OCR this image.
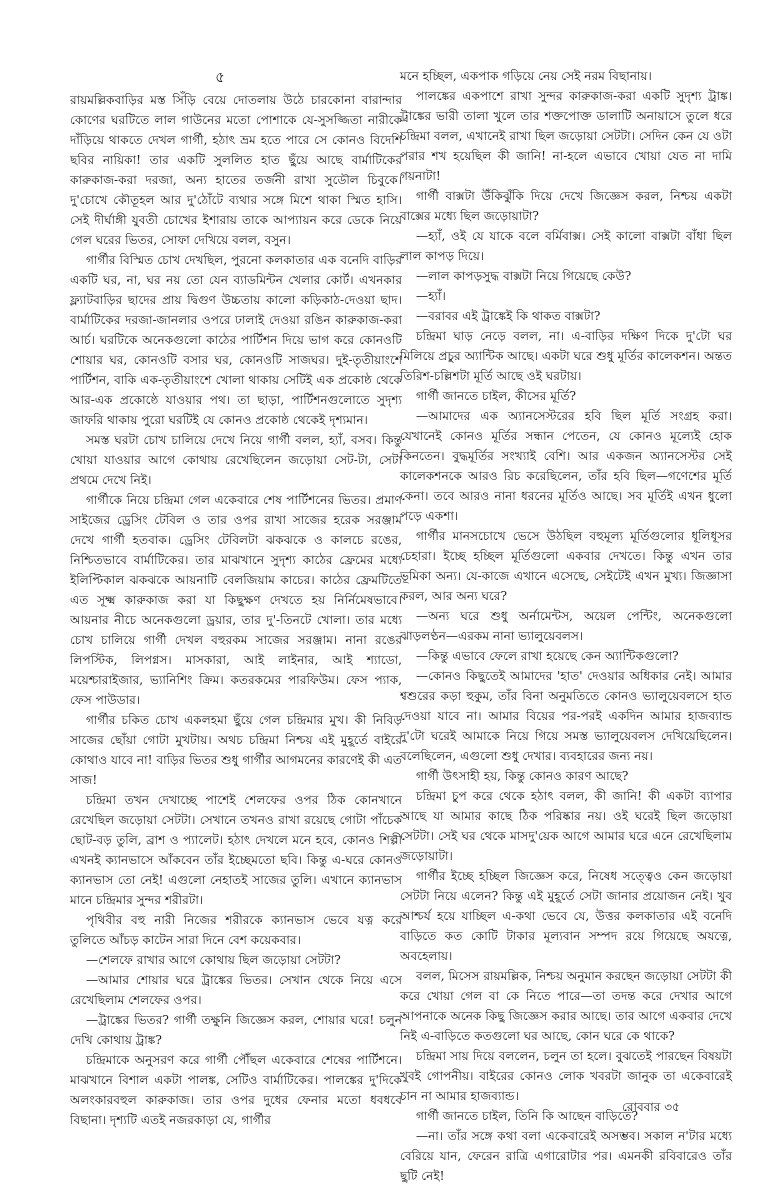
৫

রায়মল্লিকবাড়ির মস্ত সিঁড়ি বেয়ে দোতলায় উঠে চারকোনা বারান্দার কোণের ঘরটিতে লাল গাউনের মতো পোশাকে যে-সুসজ্জিতা নারীকে দাঁড়িয়ে থাকতে দেখল গার্গী, হঠাৎ ভ্রম হতে পারে সে কোনও বিদেশি ছবির নায়িকা! তার একটি সুললিত হাত ছুঁয়ে আছে বার্মাটিকের কারুকাজ-করা দরজা, অন্য হাতের তর্জনী রাখা সুডৌল চিবুকে। দু'চোখে কৌতূহল আর দু'ঠোঁটে ব্যথার সঙ্গে মিশে থাকা স্মিত হাসি। সেই দীর্ঘাঙ্গী যুবতী চোখের ইশারায় তাকে আপ্যায়ন করে ডেকে নিয়ে গেল ঘরের ভিতর, সোফা দেখিয়ে বলল, বসুন।

গার্গীর বিস্মিত চোখ দেখছিল, পুরনো কলকাতার এক বনেদি বাড়ির একটি ঘর, না, ঘর নয় তো যেন ব্যাডমিন্টন খেলার কোর্ট। এখনকার ফ্ল্যাটবাড়ির ছাদের প্রায় দ্বিগুণ উচ্চতায় কালো কড়িকাঠ-দেওয়া ছাদ। বার্মাটিকের দরজা-জানলার ওপরে ঢালাই দেওয়া রঙিন কারুকাজ-করা আর্চ। ঘরটিকে অনেকগুলো কাঠের পার্টিশন দিয়ে ভাগ করে কোনওটি শোয়ার ঘর, কোনওটি বসার ঘর, কোনওটি সাজঘর। দুই-তৃতীয়াংশে পার্টিশন, বাকি এক-তৃতীয়াংশে খোলা থাকায় সেটিই এক প্রকোষ্ঠ থেকে আর-এক প্রকোষ্ঠে যাওয়ার পথ। তা ছাড়া, পার্টিশনগুলোতে সুদৃশ্য জাফরি থাকায় পুরো ঘরটিই যে কোনও প্রকোষ্ঠ থেকেই দৃশ্যমান।

সমস্ত ঘরটা চোখ চালিয়ে দেখে নিয়ে গার্গী বলল, হ্যাঁ, বসব। কিন্তু খোয়া যাওয়ার আগে কোথায় রেখেছিলেন জড়োয়া সেট-টা, সেটা প্রথমে দেখে নিই।

গার্গীকে নিয়ে চন্দ্রিমা গেল একেবারে শেষ পার্টিশনের ভিতর। প্রমাণ সাইজের ড্রেসিং টেবিল ও তার ওপর রাখা সাজের হরেক সরঞ্জাম দেখে গার্গী হতবাক। ড্রেসিং টেবিলটা ঝকঝকে ও কালচে রঙের, নিশ্চিতভাবে বার্মাটিকের। তার মাঝখানে সুদৃশ্য কাঠের ফ্রেমের মধ্যে ইলিপ্টিকাল ঝকঝকে আয়নাটি বেলজিয়াম কাচের। কাঠের ফ্রেমটিতে এত সূক্ষ্ম কারুকাজ করা যা কিছুক্ষণ দেখতে হয় নির্নিমেষভাবে। আয়নার নীচে অনেকগুলো ড্রয়ার, তার দু'-তিনটে খোলা। তার মধ্যে চোখ চালিয়ে গার্গী দেখল বহুরকম সাজের সরঞ্জাম। নানা রঙের লিপস্টিক, লিপগ্নস। মাসকারা, আই লাইনার, আই শ্যাডো, ময়েশ্চারাইজার, ভ্যানিশিং ক্রিম। কতরকমের পারফিউম। ফেস প্যাক, ফেস পাউডার।

গার্গীর চকিত চোখ একলহমা ছুঁয়ে গেল চন্দ্রিমার মুখ। কী নিবিড় সাজের ছোঁয়া গোটা মুখটায়। অথচ চন্দ্রিমা নিশ্চয় এই মুহূর্তে বাইরে কোথাও যাবে না! বাড়ির ভিতর শুধু গার্গীর আগমনের কারণেই কী এত সাজ!

চন্দ্রিমা তখন দেখাচ্ছে পাশেই শেলফের ওপর ঠিক কোনখানে রেখেছিল জড়োয়া সেটটা। সেখানে তখনও রাখা রয়েছে গোটা পাঁচেক ছোট-বড় তুলি, ব্রাশ ও প্যালেট। হঠাৎ দেখলে মনে হবে, কোনও শিল্পী এখনই ক্যানভাসে আঁকবেন তাঁর ইচ্ছেমতো ছবি। কিন্তু এ-ঘরে কোনও ক্যানভাস তো নেই! এগুলো নেহাতই সাজের তুলি। এখানে ক্যানভাস মানে চন্দ্রিমার সুন্দর শরীরটা।

পৃথিবীর বহু নারী নিজের শরীরকে ক্যানভাস ভেবে যত্ন করে তুলিতে আঁচড় কাটেন সারা দিনে বেশ কয়েকবার।

—শেলফে রাখার আগে কোথায় ছিল জড়োয়া সেটটা?

—আমার শোয়ার ঘরে ট্রাঙ্কের ভিতর। সেখান থেকে নিয়ে এসে রেখেছিলাম শেলফের ওপর।

—ট্রাঙ্কের ভিতর? গার্গী তক্ষুনি জিজ্ঞেস করল, শোয়ার ঘরে! চলুন দেখি কোথায় ট্রাঙ্ক?

চন্দ্রিমাকে অনুসরণ করে গার্গী পৌঁছল একেবারে শেষের পার্টিশনে। মাঝখানে বিশাল একটা পালঙ্ক, সেটিও বার্মাটিকের। পালঙ্কের দু'দিকে অলংকারবহুল কারুকাজ। তার ওপর দুধের ফেনার মতো ধবধবে বিছানা। দৃশ্যটি এতই নজরকাড়া যে, গার্গীর

মনে হচ্ছিল, একপাক গড়িয়ে নেয় সেই নরম বিছানায়।

পালঙ্কের একপাশে রাখা সুন্দর কারুকাজ-করা একটি সুদৃশ্য ট্রাঙ্ক। ট্রাঙ্কের ভারী তালা খুলে তার শক্তপোক্ত ডালাটি অনায়াসে তুলে ধরে চন্দ্রিমা বলল, এখানেই রাখা ছিল জড়োয়া সেটটা। সেদিন কেন যে ওটা পরার শখ হয়েছিল কী জানি! না-হলে এভাবে খোয়া যেত না দামি গয়নাটা!

গার্গী বাক্সটা উঁকিঝুঁকি দিয়ে দেখে জিজ্ঞেস করল, নিশ্চয় একটা বাক্সের মধ্যে ছিল জড়োয়াটা?

—হ্যাঁ, ওই যে যাকে বলে বর্মিবাক্স। সেই কালো বাক্সটা বাঁধা ছিল লাল কাপড় দিয়ে।

—লাল কাপড়সুদ্ধ বাক্সটা নিয়ে গিয়েছে কেউ?

—হ্যাঁ।

—বরাবর এই ট্রাঙ্কেই কি থাকত বাক্সটা?

চন্দ্রিমা ঘাড় নেড়ে বলল, না। এ-বাড়ির দক্ষিণ দিকে দু'টো ঘর মিলিয়ে প্রচুর অ্যান্টিক আছে। একটা ঘরে শুধু মূর্তির কালেকশন। অন্তত তিরিশ-চল্লিশটা মূর্তি আছে ওই ঘরটায়।

গার্গী জানতে চাইল, কীসের মূর্তি?

—আমাদের এক অ্যানসেস্টরের হবি ছিল মূর্তি সংগ্রহ করা। যেখানেই কোনও মূর্তির সন্ধান পেতেন, যে কোনও মূল্যেই হোক কিনতেন। বুদ্ধমূর্তির সংখ্যাই বেশি। আর একজন অ্যানসেস্টর সেই কালেকশনকে আরও রিচ করেছিলেন, তাঁর হবি ছিল—গণেশের মূর্তি কেনা। তবে আরও নানা ধরনের মূর্তিও আছে। সব মূর্তিই এখন ধুলো পড়ে একশা।

গার্গীর মানসচোখে ভেসে উঠছিল বহুমূল্য মূর্তিগুলোর ধূলিধূসর চেহারা। ইচ্ছে হচ্ছিল মূর্তিগুলো একবার দেখতে। কিন্তু এখন তার ভূমিকা অন্য। যে-কাজে এখানে এসেছে, সেইটেই এখন মুখ্য। জিজ্ঞাসা করল, আর অন্য ঘরে?

—অন্য ঘরে শুধু অর্নামেন্টস, অয়েল পেন্টিং, অনেকগুলো ঝাড়লণ্ঠন—এরকম নানা ভ্যালুয়েবলস।

—কিন্তু এভাবে ফেলে রাখা হয়েছে কেন অ্যান্টিকগুলো?

—কোনও কিছুতেই আমাদের 'হাত' দেওয়ার অধিকার নেই। আমার শ্বশুরের কড়া হুকুম, তাঁর বিনা অনুমতিতে কোনও ভ্যালুয়েবলসে হাত দেওয়া যাবে না। আমার বিয়ের পর-পরই একদিন আমার হাজব্যান্ড দু'টো ঘরেই আমাকে নিয়ে গিয়ে সমস্ত ভ্যালুয়েবলস দেখিয়েছিলেন। বলেছিলেন, এগুলো শুধু দেখার। ব্যবহারের জন্য নয়।

গার্গী উৎসাহী হয়, কিন্তু কোনও কারণ আছে?

চন্দ্রিমা চুপ করে থেকে হঠাৎ বলল, কী জানি! কী একটা ব্যাপার আছে যা আমার কাছে ঠিক পরিষ্কার নয়। ওই ঘরেই ছিল জড়োয়া সেটটা। সেই ঘর থেকে মাসদু'য়েক আগে আমার ঘরে এনে রেখেছিলাম জড়োয়াটা।

গার্গীর ইচ্ছে হচ্ছিল জিজ্ঞেস করে, নিষেধ সত্ত্বেও কেন জড়োয়া সেটটা নিয়ে এলেন? কিন্তু এই মুহূর্তে সেটা জানার প্রয়োজন নেই। খুব আশ্চর্য হয়ে যাচ্ছিল এ-কথা ভেবে যে, উত্তর কলকাতার এই বনেদি বাড়িতে কত কোটি টাকার মূল্যবান সম্পদ রয়ে গিয়েছে অযত্নে, অবহেলায়।

বলল, মিসেস রায়মল্লিক, নিশ্চয় অনুমান করছেন জড়োয়া সেটটা কী করে খোয়া গেল বা কে নিতে পারে—তা তদন্ত করে দেখার আগে আপনাকে অনেক কিছু জিজ্ঞেস করার আছে। তার আগে একবার দেখে নিই এ-বাড়িতে কতগুলো ঘর আছে, কোন ঘরে কে থাকে?

চন্দ্রিমা সায় দিয়ে বললেন, চলুন তা হলে। বুঝতেই পারছেন বিষয়টা খুবই গোপনীয়। বাইরের কোনও লোক খবরটা জানুক তা একেবারেই চান না আমার হাজব্যান্ড।

গার্গী জানতে চাইল, তিনি কি আছেন বাড়িতে?

—না। তাঁর সঙ্গে কথা বলা একেবারেই অসম্ভব। সকাল ন'টার মধ্যে বেরিয়ে যান, ফেরেন রাত্রি এগারোটার পর। এমনকী রবিবারেও তাঁর ছুটি নেই!

রোববার ৩৫
